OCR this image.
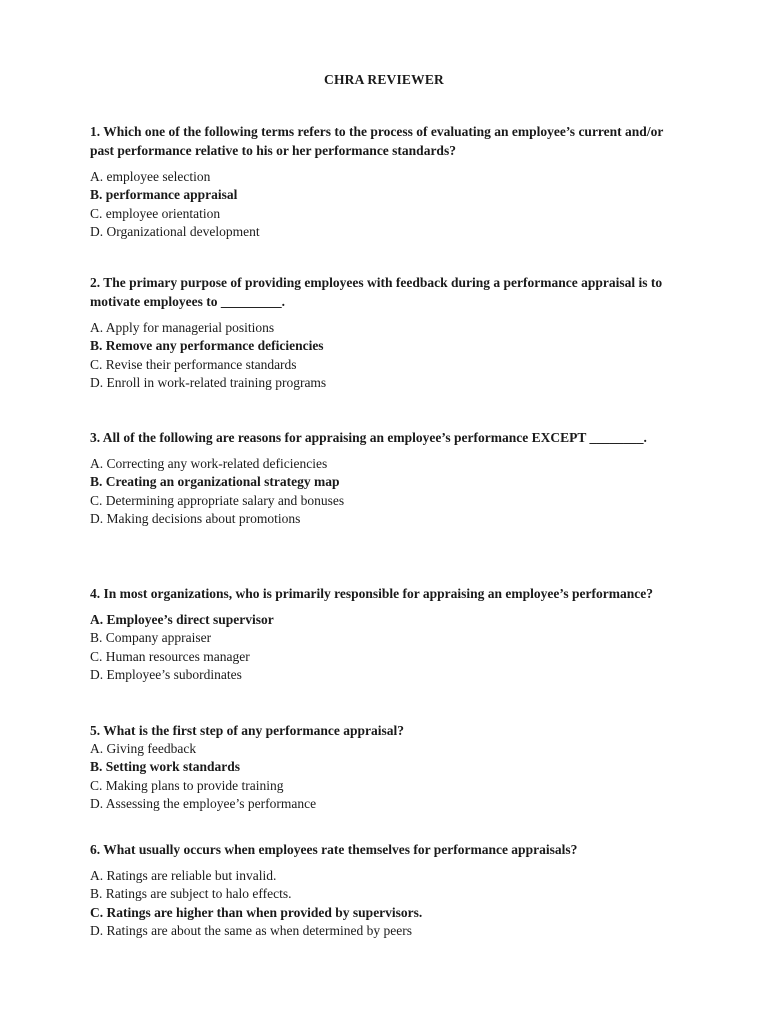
CHRA REVIEWER

1. Which one of the following terms refers to the process of evaluating an employee’s current and/or past performance relative to his or her performance standards?

A. employee selection
B. performance appraisal
C. employee orientation
D. Organizational development

2. The primary purpose of providing employees with feedback during a performance appraisal is to motivate employees to _________.

A. Apply for managerial positions
B. Remove any performance deficiencies
C. Revise their performance standards
D. Enroll in work-related training programs

3. All of the following are reasons for appraising an employee’s performance EXCEPT ________.

A. Correcting any work-related deficiencies
B. Creating an organizational strategy map
C. Determining appropriate salary and bonuses
D. Making decisions about promotions

4. In most organizations, who is primarily responsible for appraising an employee’s performance?

A. Employee’s direct supervisor
B. Company appraiser
C. Human resources manager
D. Employee’s subordinates

5. What is the first step of any performance appraisal?

A. Giving feedback
B. Setting work standards
C. Making plans to provide training
D. Assessing the employee’s performance

6. What usually occurs when employees rate themselves for performance appraisals?

A. Ratings are reliable but invalid.
B. Ratings are subject to halo effects.
C. Ratings are higher than when provided by supervisors.
D. Ratings are about the same as when determined by peers
